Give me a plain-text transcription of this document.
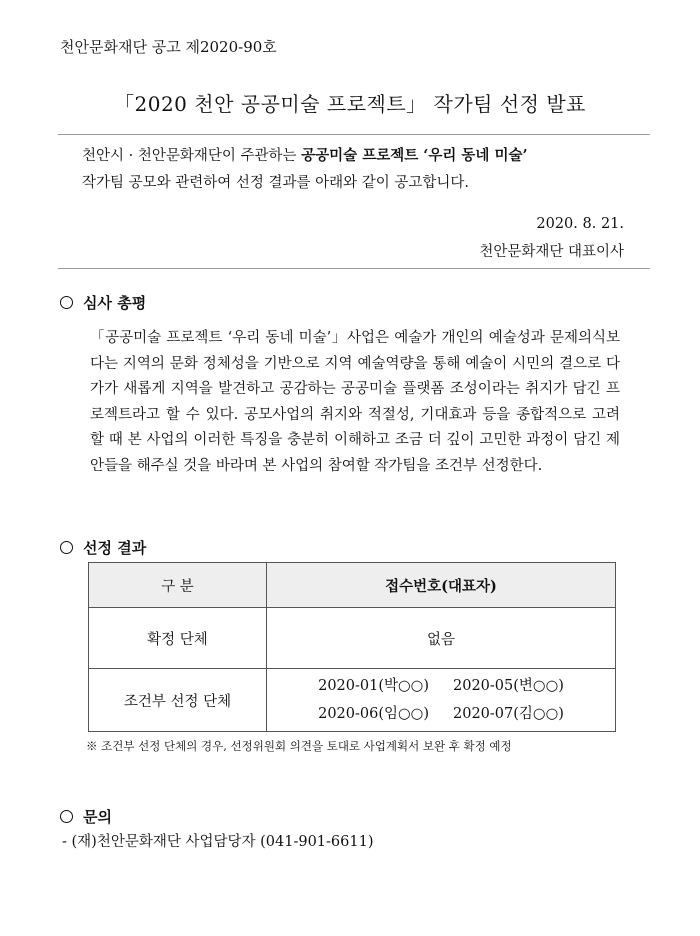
천안문화재단 공고 제2020-90호
「2020 천안 공공미술 프로젝트」 작가팀 선정 발표
천안시 · 천안문화재단이 주관하는 공공미술 프로젝트 ‘우리 동네 미술’
작가팀 공모와 관련하여 선정 결과를 아래와 같이 공고합니다.
2020. 8. 21.
천안문화재단 대표이사
심사 총평
「공공미술 프로젝트 ‘우리 동네 미술’」사업은 예술가 개인의 예술성과 문제의식보다는 지역의 문화 정체성을 기반으로 지역 예술역량을 통해 예술이 시민의 결으로 다가가 새롭게 지역을 발견하고 공감하는 공공미술 플랫폼 조성이라는 취지가 담긴 프로젝트라고 할 수 있다. 공모사업의 취지와 적절성, 기대효과 등을 종합적으로 고려할 때 본 사업의 이러한 특징을 충분히 이해하고 조금 더 깊이 고민한 과정이 담긴 제안들을 해주실 것을 바라며 본 사업의 참여할 작가팀을 조건부 선정한다.
선정 결과
구 분	접수번호(대표자)
확정 단체	없음
조건부 선정 단체	2020-01(박○○) 2020-05(변○○)
2020-06(임○○) 2020-07(김○○)
※ 조건부 선정 단체의 경우, 선정위원회 의견을 토대로 사업계획서 보완 후 확정 예정
문의
- (재)천안문화재단 사업담당자 (041-901-6611)
